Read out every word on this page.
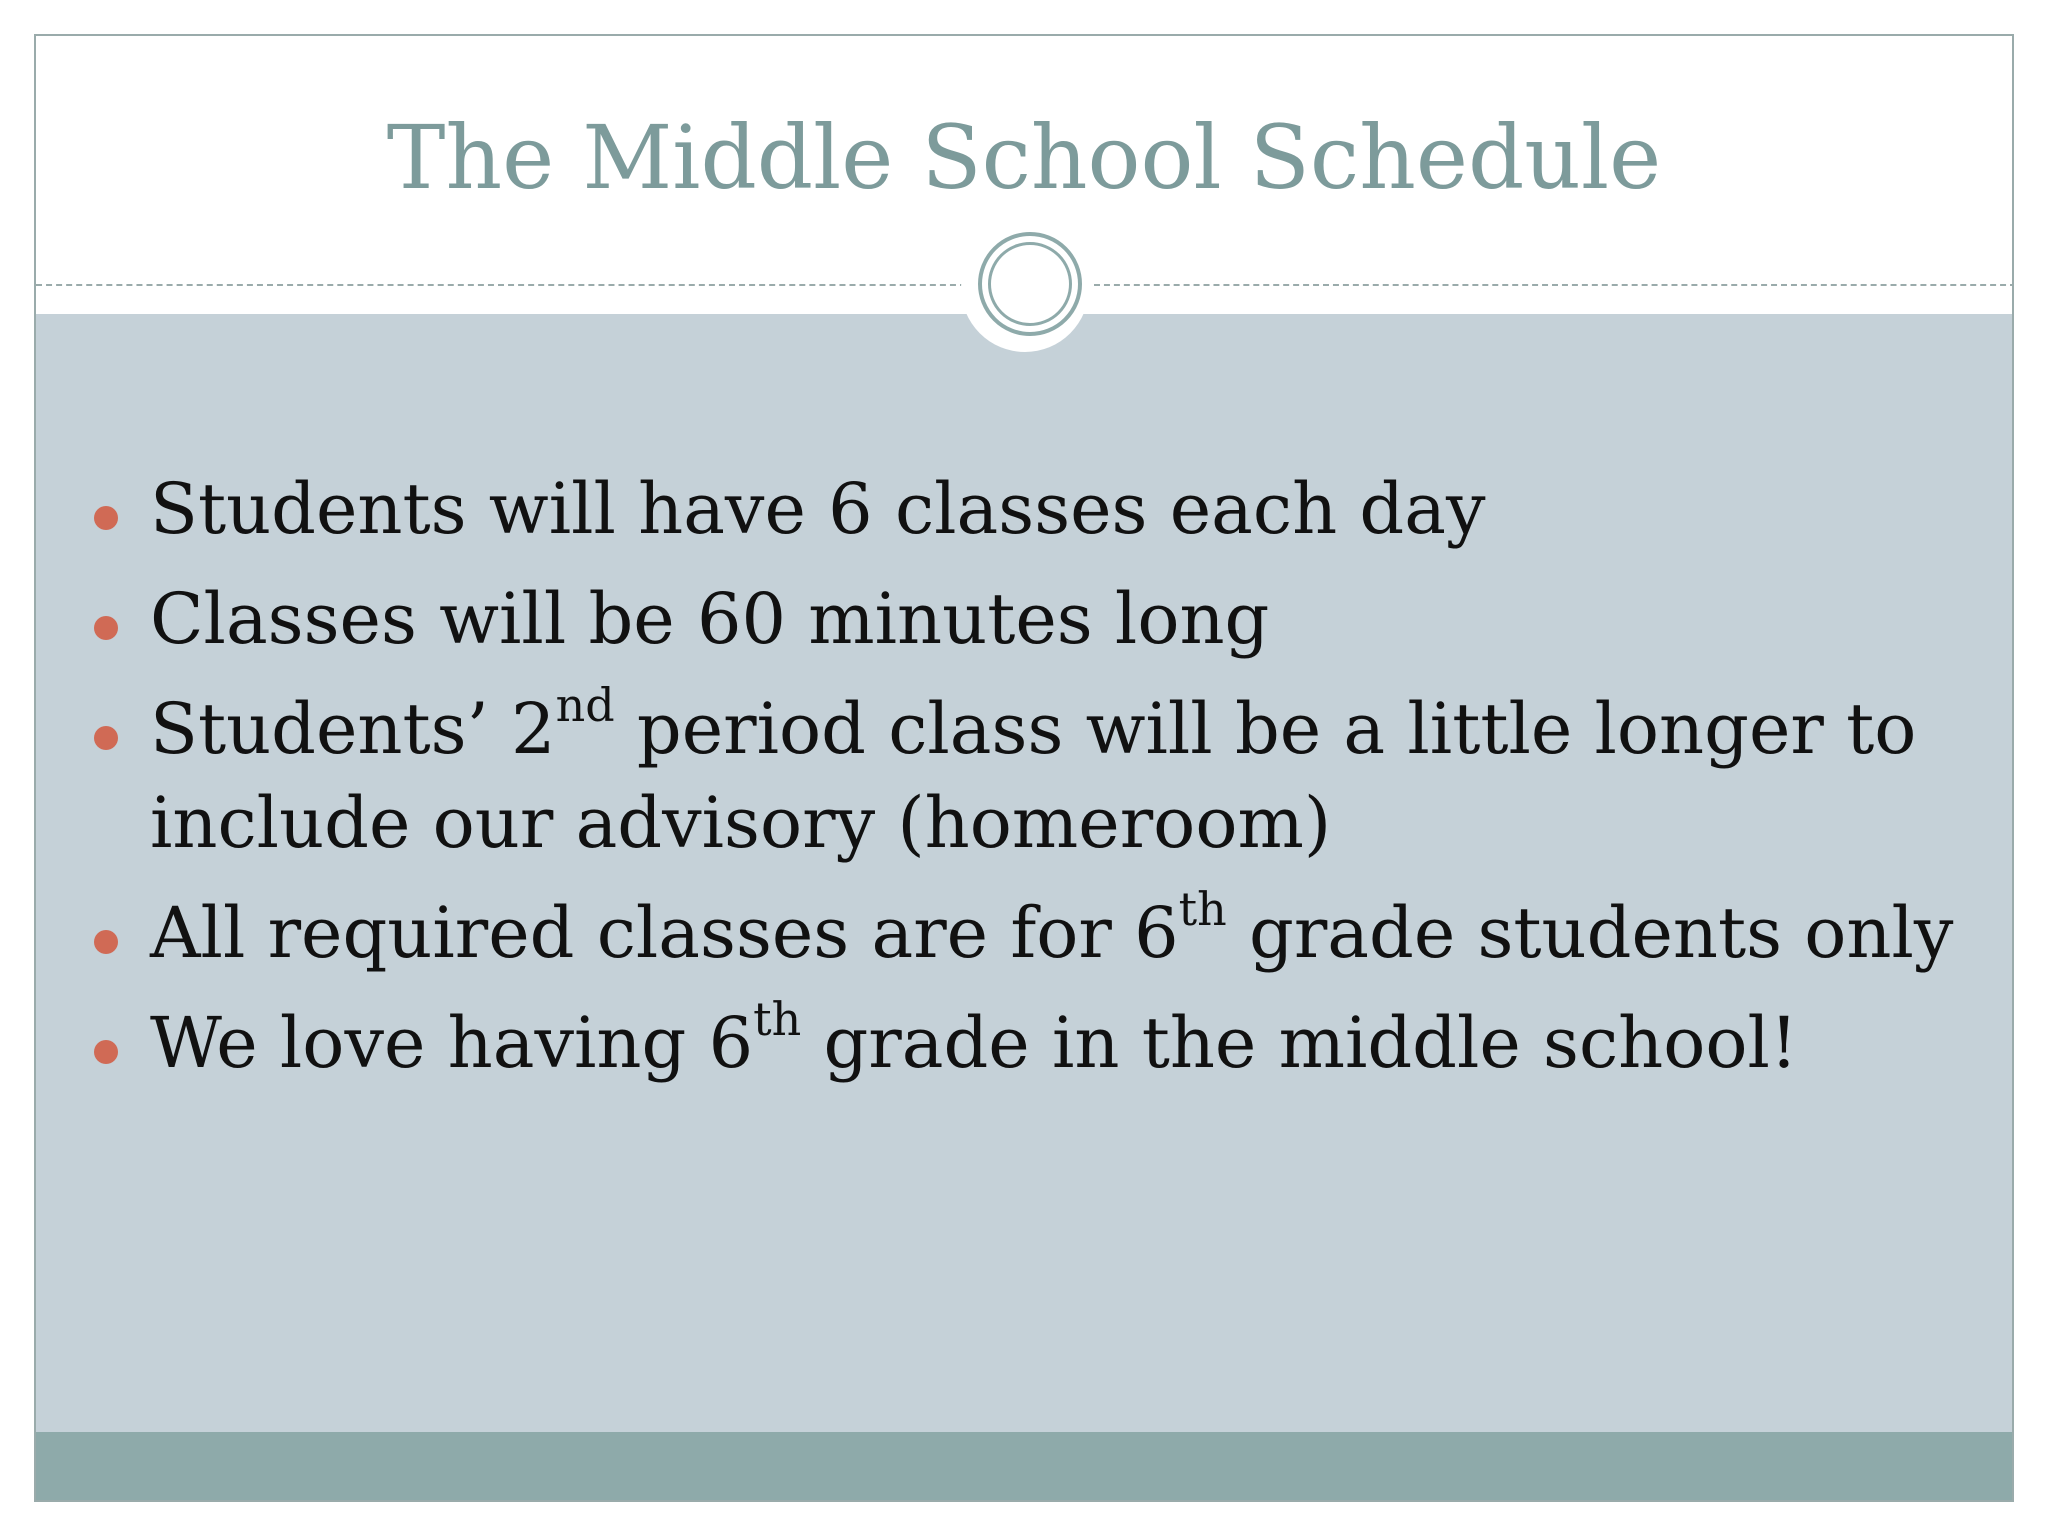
The Middle School Schedule
Students will have 6 classes each day
Classes will be 60 minutes long
Students’ 2nd period class will be a little longer to
include our advisory (homeroom)
All required classes are for 6th grade students only
We love having 6th grade in the middle school!
